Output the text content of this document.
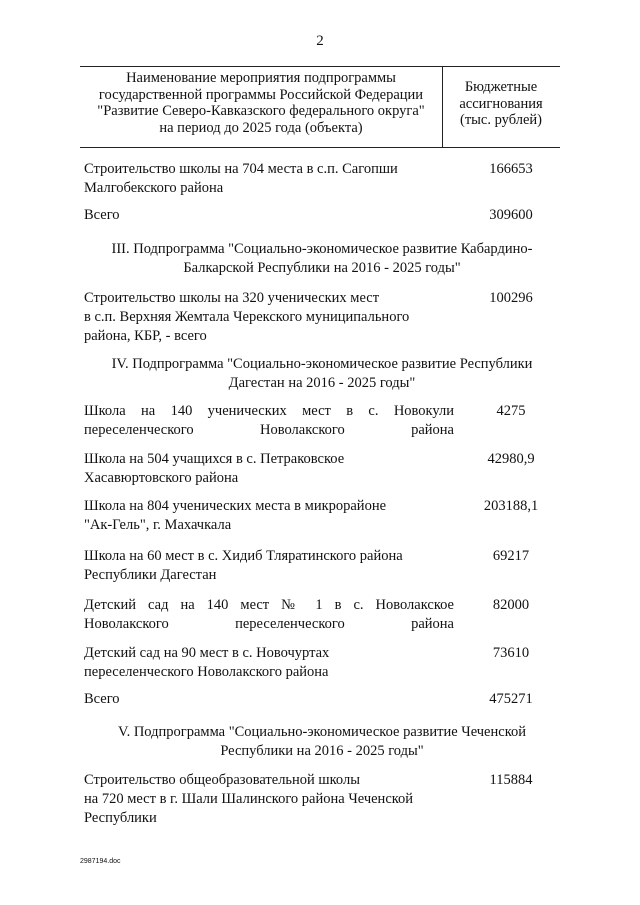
2
Наименование мероприятия подпрограммы
государственной программы Российской Федерации
"Развитие Северо-Кавказского федерального округа"
на период до 2025 года (объекта)
Бюджетные
ассигнования
(тыс. рублей)
Строительство школы на 704 места в с.п. Сагопши
Малгобекского района
166653
Всего	309600
III. Подпрограмма "Социально-экономическое развитие Кабардино-
Балкарской Республики на 2016 - 2025 годы"
Строительство школы на 320 ученических мест
в с.п. Верхняя Жемтала Черекского муниципального
района, КБР, - всего
100296
IV. Подпрограмма "Социально-экономическое развитие Республики
Дагестан на 2016 - 2025 годы"
Школа на 140 ученических мест в с. Новокули
переселенческого Новолакского района
4275
Школа на 504 учащихся в с. Петраковское
Хасавюртовского района
42980,9
Школа на 804 ученических места в микрорайоне
"Ак-Гель", г. Махачкала
203188,1
Школа на 60 мест в с. Хидиб Тляратинского района
Республики Дагестан
69217
Детский сад на 140 мест № 1 в с. Новолакское
Новолакского переселенческого района
82000
Детский сад на 90 мест в с. Новочуртах
переселенческого Новолакского района
73610
Всего	475271
V. Подпрограмма "Социально-экономическое развитие Чеченской
Республики на 2016 - 2025 годы"
Строительство общеобразовательной школы
на 720 мест в г. Шали Шалинского района Чеченской
Республики
115884
2987194.doc
